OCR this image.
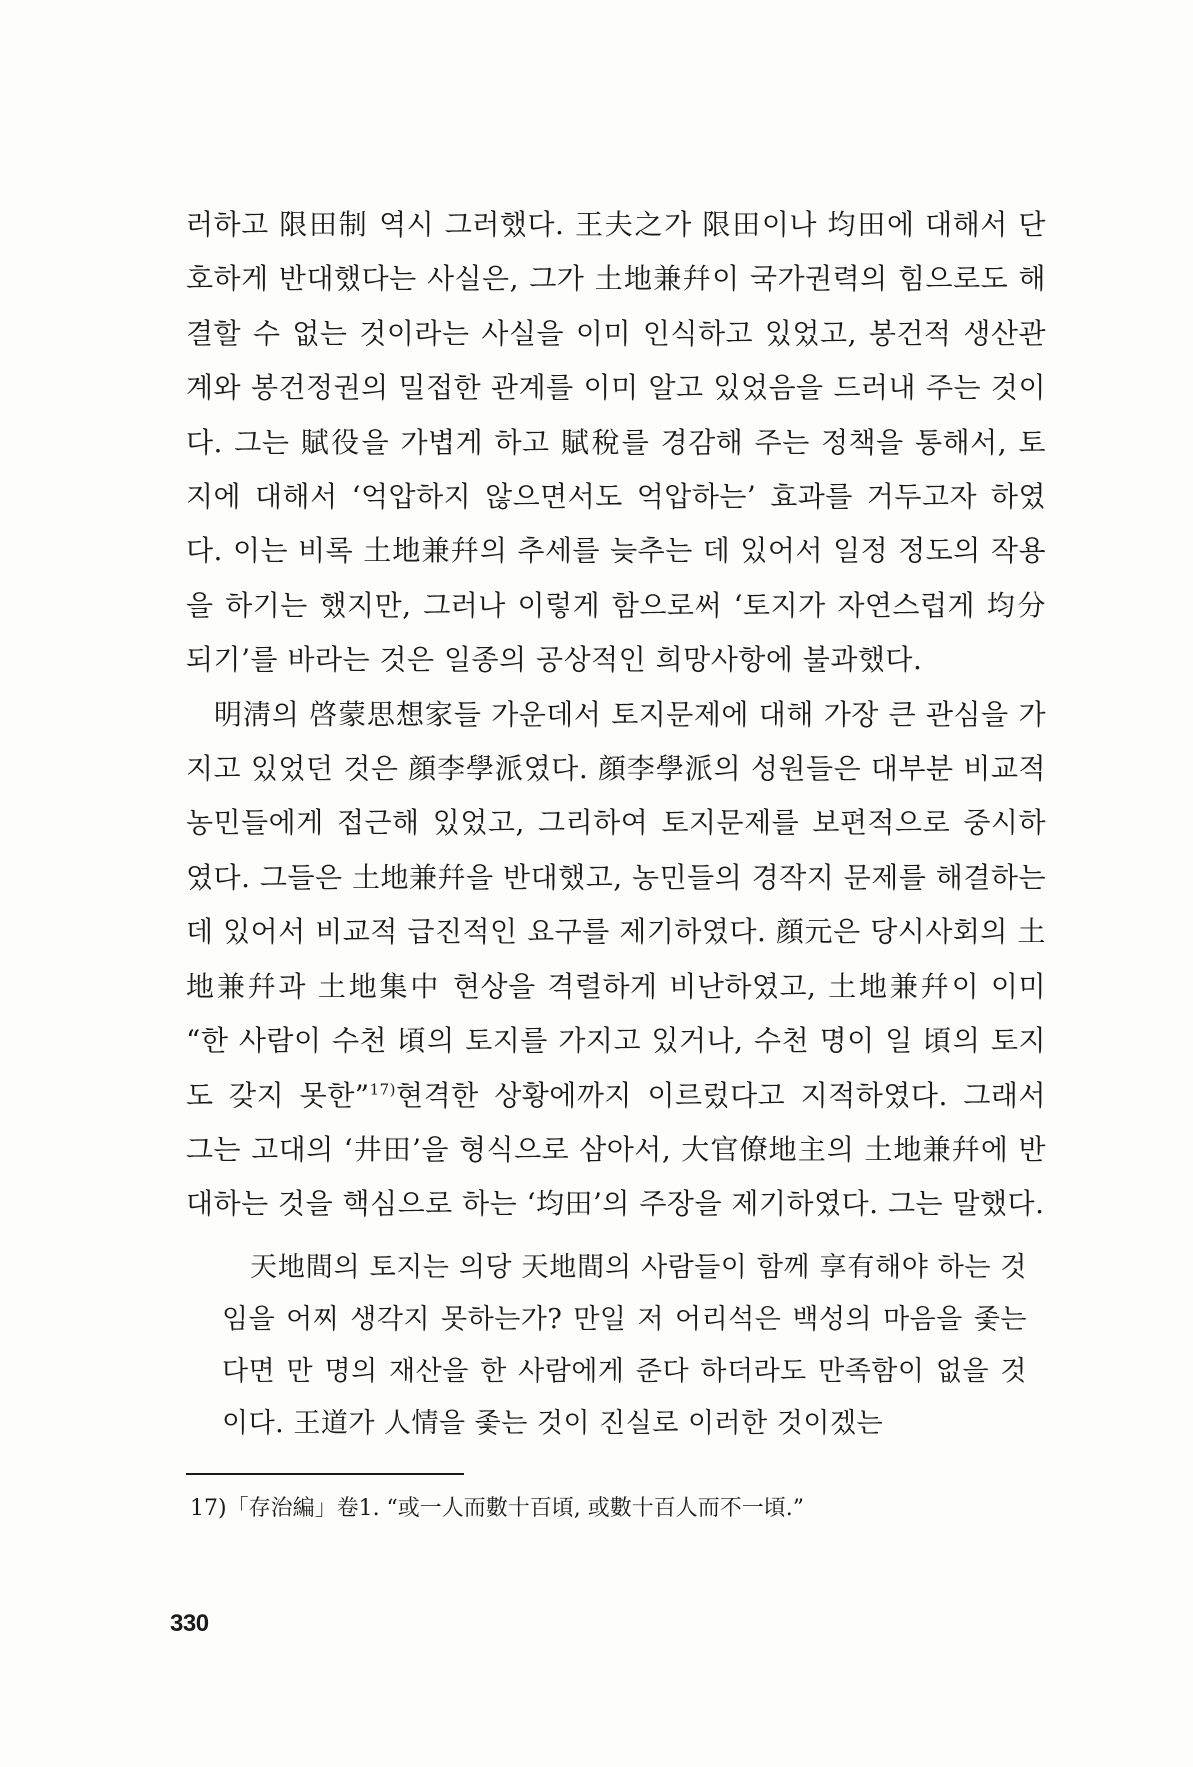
러하고 限田制 역시 그러했다. 王夫之가 限田이나 均田에 대해서 단호하게 반대했다는 사실은, 그가 土地兼幷이 국가권력의 힘으로도 해결할 수 없는 것이라는 사실을 이미 인식하고 있었고, 봉건적 생산관계와 봉건정권의 밀접한 관계를 이미 알고 있었음을 드러내 주는 것이다. 그는 賦役을 가볍게 하고 賦稅를 경감해 주는 정책을 통해서, 토지에 대해서 ‘억압하지 않으면서도 억압하는’ 효과를 거두고자 하였다. 이는 비록 土地兼幷의 추세를 늦추는 데 있어서 일정 정도의 작용을 하기는 했지만, 그러나 이렇게 함으로써 ‘토지가 자연스럽게 均分되기’를 바라는 것은 일종의 공상적인 희망사항에 불과했다.

明淸의 啓蒙思想家들 가운데서 토지문제에 대해 가장 큰 관심을 가지고 있었던 것은 顔李學派였다. 顔李學派의 성원들은 대부분 비교적 농민들에게 접근해 있었고, 그리하여 토지문제를 보편적으로 중시하였다. 그들은 土地兼幷을 반대했고, 농민들의 경작지 문제를 해결하는 데 있어서 비교적 급진적인 요구를 제기하였다. 顔元은 당시사회의 土地兼幷과 土地集中 현상을 격렬하게 비난하였고, 土地兼幷이 이미 “한 사람이 수천 頃의 토지를 가지고 있거나, 수천 명이 일 頃의 토지도 갖지 못한”$^{17)}$현격한 상황에까지 이르렀다고 지적하였다. 그래서 그는 고대의 ‘井田’을 형식으로 삼아서, 大官僚地主의 土地兼幷에 반대하는 것을 핵심으로 하는 ‘均田’의 주장을 제기하였다. 그는 말했다.

天地間의 토지는 의당 天地間의 사람들이 함께 享有해야 하는 것임을 어찌 생각지 못하는가? 만일 저 어리석은 백성의 마음을 좇는다면 만 명의 재산을 한 사람에게 준다 하더라도 만족함이 없을 것이다. 王道가 人情을 좇는 것이 진실로 이러한 것이겠는

17)「存治編」卷1. “或一人而數十百頃, 或數十百人而不一頃.”

330
